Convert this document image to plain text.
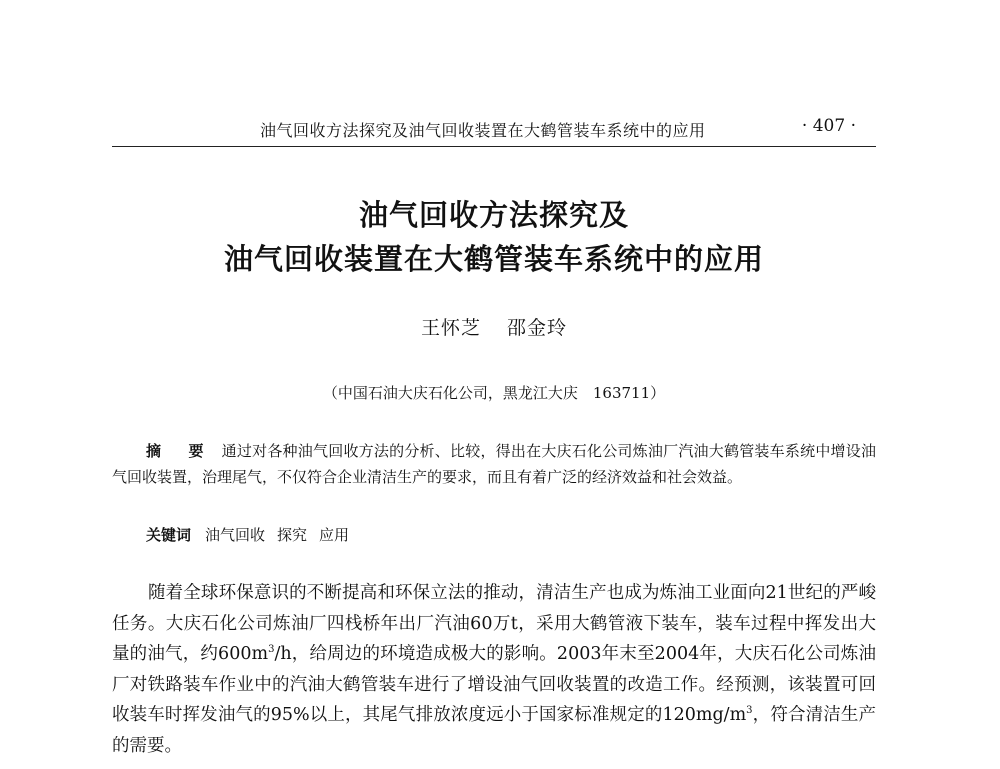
油气回收方法探究及油气回收装置在大鹤管装车系统中的应用	· 407 ·
油气回收方法探究及
油气回收装置在大鹤管装车系统中的应用
王怀芝 邵金玲
（中国石油大庆石化公司，黑龙江大庆　163711）
摘　要 通过对各种油气回收方法的分析、比较，得出在大庆石化公司炼油厂汽油大鹤管装车系统中增设油气回收装置，治理尾气，不仅符合企业清洁生产的要求，而且有着广泛的经济效益和社会效益。
关键词 油气回收 探究 应用
随着全球环保意识的不断提高和环保立法的推动，清洁生产也成为炼油工业面向21世纪的严峻任务。大庆石化公司炼油厂四栈桥年出厂汽油60万t，采用大鹤管液下装车，装车过程中挥发出大量的油气，约$600m^3/h$，给周边的环境造成极大的影响。2003年末至2004年，大庆石化公司炼油厂对铁路装车作业中的汽油大鹤管装车进行了增设油气回收装置的改造工作。经预测，该装置可回收装车时挥发油气的95%以上，其尾气排放浓度远小于国家标准规定的$120mg/m^3$，符合清洁生产的需要。
